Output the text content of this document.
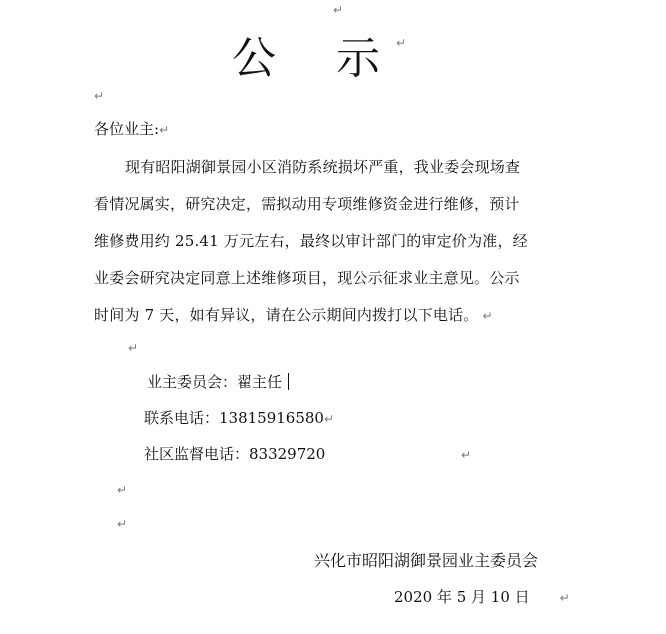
↵
公 示 ↵
↵
各位业主:↵
现有昭阳湖御景园小区消防系统损坏严重，我业委会现场查
看情况属实，研究决定，需拟动用专项维修资金进行维修，预计
维修费用约 25.41 万元左右，最终以审计部门的审定价为准，经
业委会研究决定同意上述维修项目，现公示征求业主意见。公示
时间为 7 天，如有异议，请在公示期间内拨打以下电话。 ↵
↵
业主委员会：翟主任
联系电话：13815916580↵
社区监督电话：83329720	↵
↵
↵
兴化市昭阳湖御景园业主委员会
2020 年 5 月 10 日	↵
